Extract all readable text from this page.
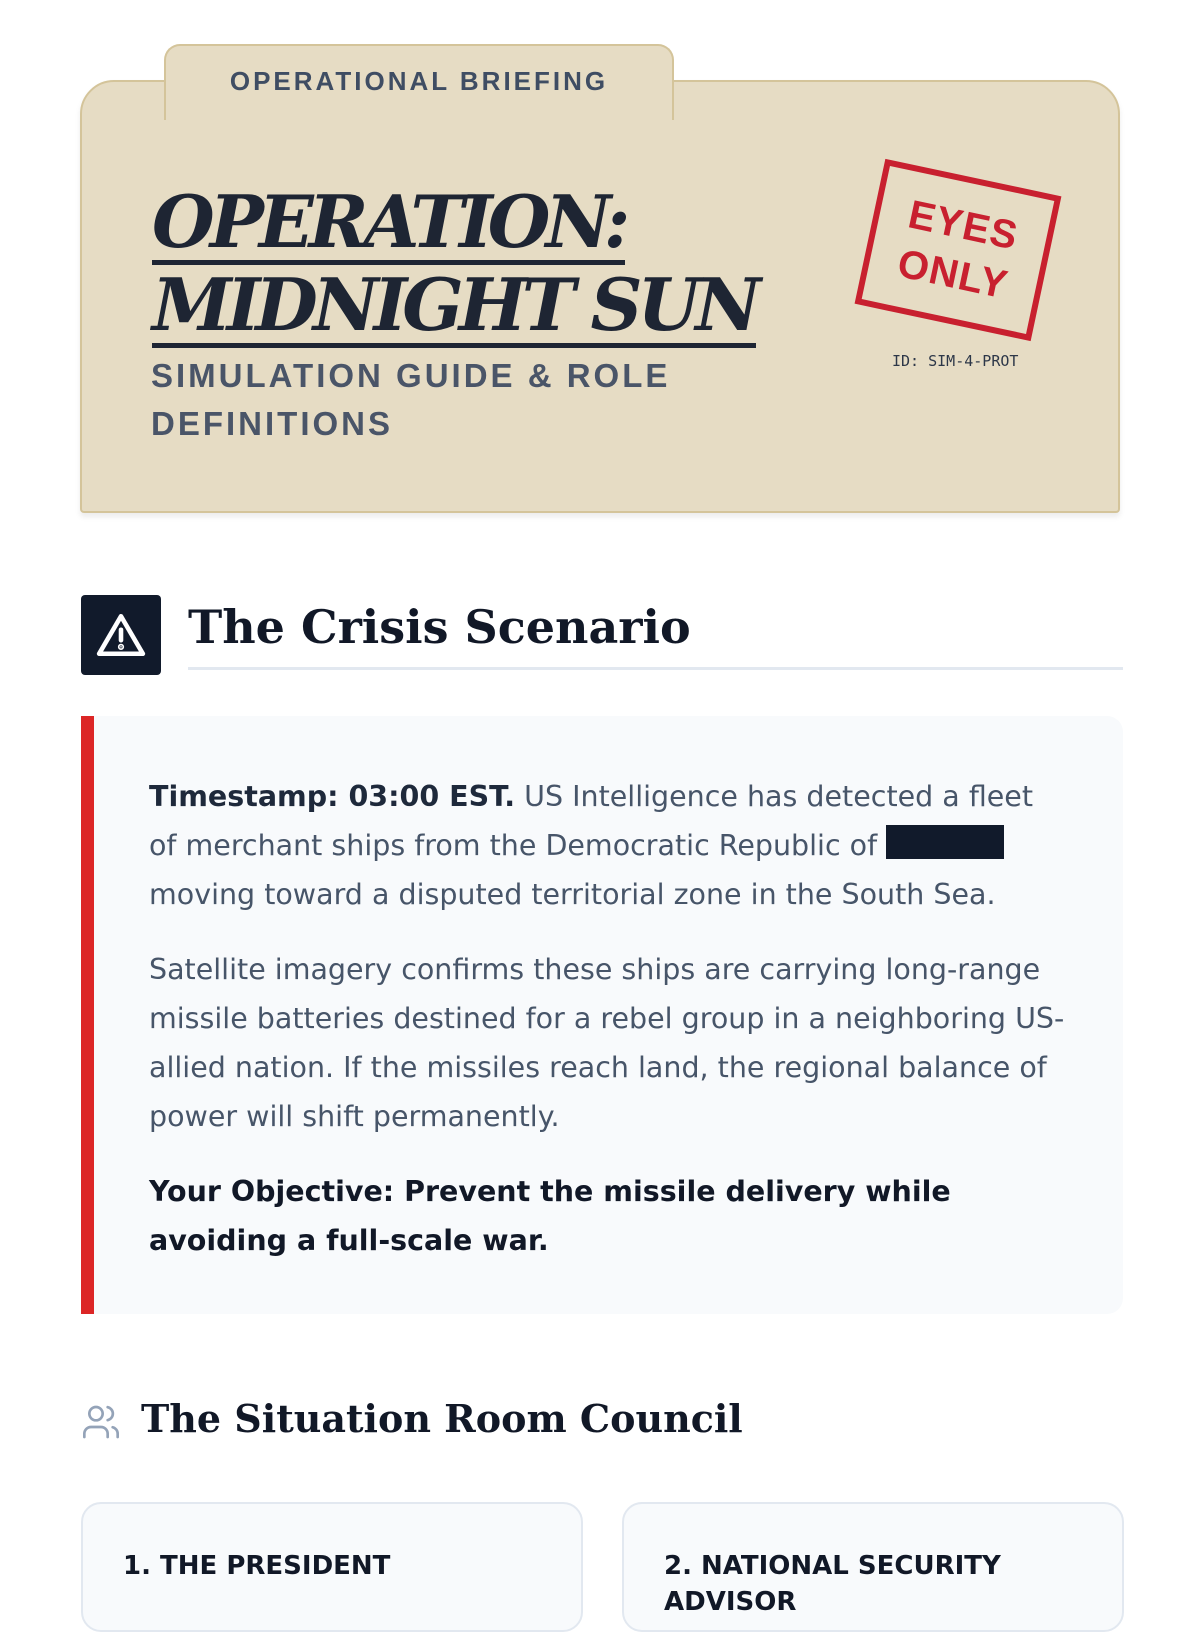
OPERATIONAL BRIEFING
OPERATION:
MIDNIGHT SUN
SIMULATION GUIDE & ROLE DEFINITIONS
EYES
ONLY
ID: SIM-4-PROT
The Crisis Scenario

Timestamp: 03:00 EST. US Intelligence has detected a fleet of merchant ships from the Democratic Republic of  moving toward a disputed territorial zone in the South Sea.

Satellite imagery confirms these ships are carrying long-range missile batteries destined for a rebel group in a neighboring US-allied nation. If the missiles reach land, the regional balance of power will shift permanently.

Your Objective: Prevent the missile delivery while avoiding a full-scale war.

The Situation Room Council
1. THE PRESIDENT	2. NATIONAL SECURITY ADVISOR
